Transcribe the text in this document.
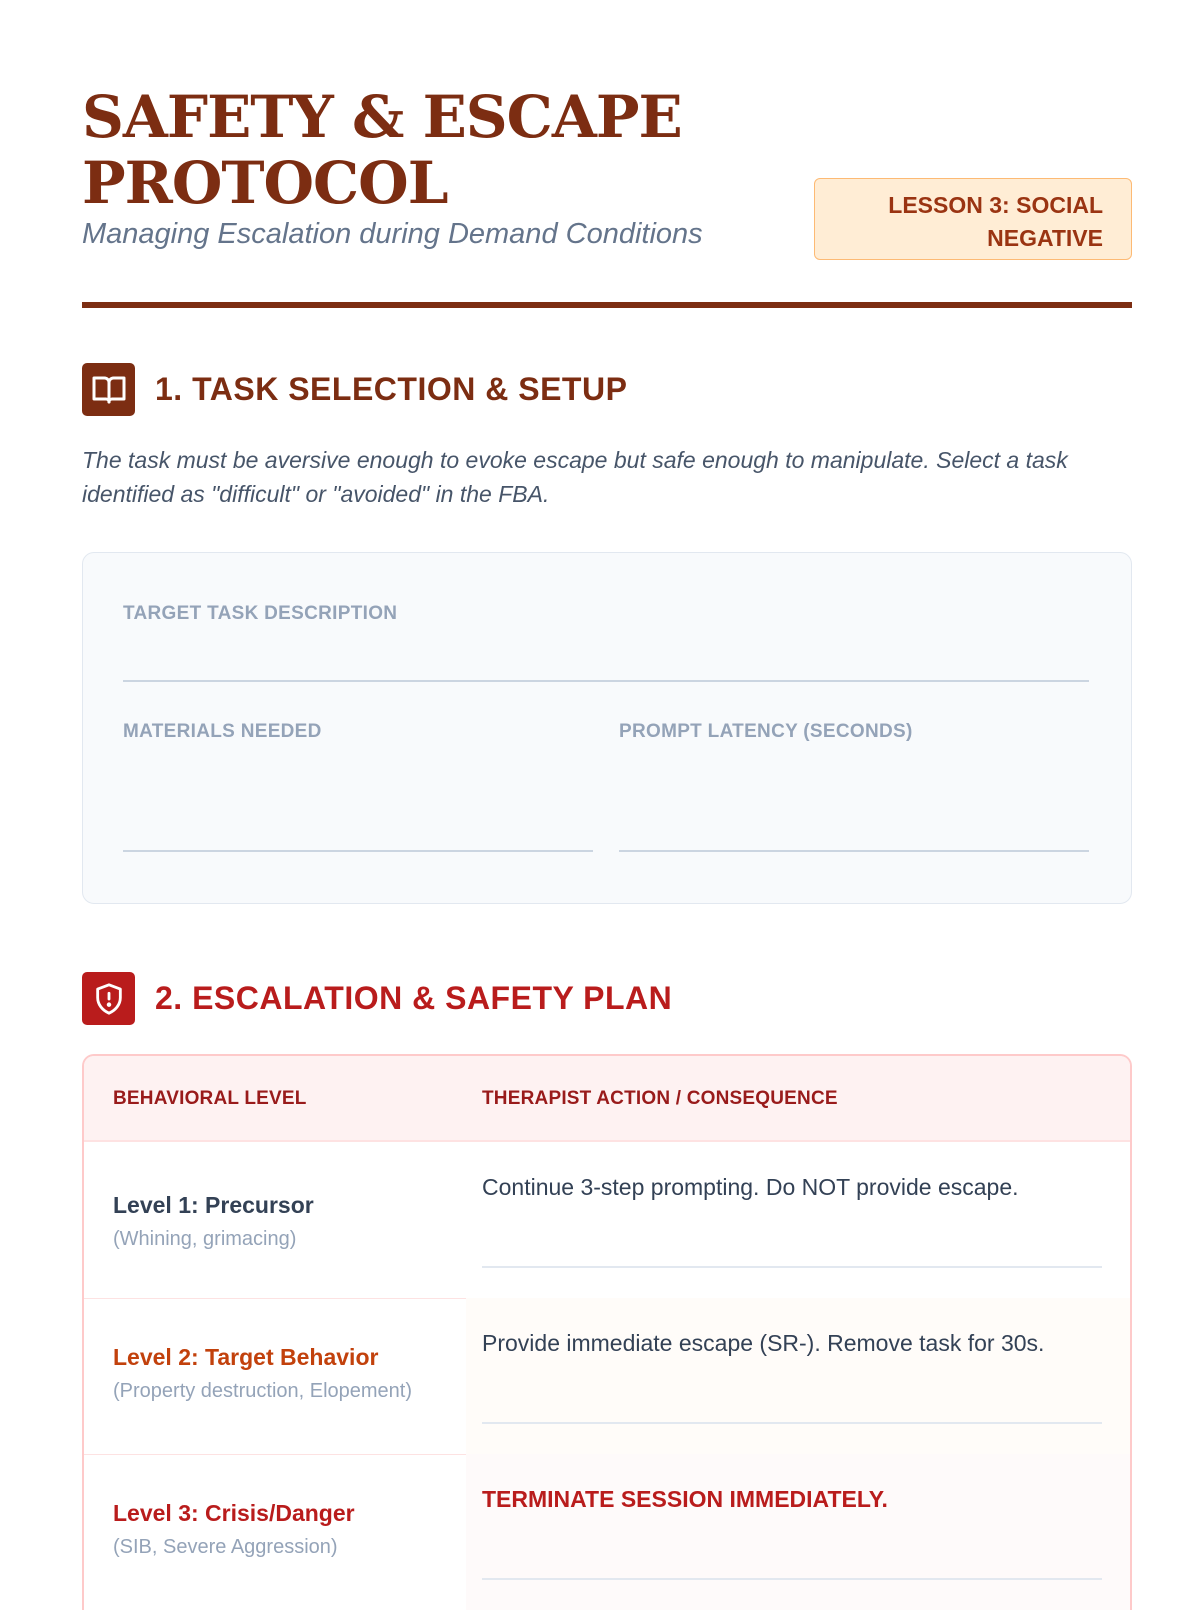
SAFETY & ESCAPE
PROTOCOL

Managing Escalation during Demand Conditions

LESSON 3: SOCIAL
NEGATIVE
1. TASK SELECTION & SETUP

The task must be aversive enough to evoke escape but safe enough to manipulate. Select a task identified as "difficult" or "avoided" in the FBA.

TARGET TASK DESCRIPTION
MATERIALS NEEDED	PROMPT LATENCY (SECONDS)
2. ESCALATION & SAFETY PLAN
BEHAVIORAL LEVEL	THERAPIST ACTION / CONSEQUENCE
Level 1: Precursor
(Whining, grimacing)
Continue 3-step prompting. Do NOT provide escape.
Level 2: Target Behavior
(Property destruction, Elopement)
Provide immediate escape (SR-). Remove task for 30s.
Level 3: Crisis/Danger
(SIB, Severe Aggression)
TERMINATE SESSION IMMEDIATELY.
